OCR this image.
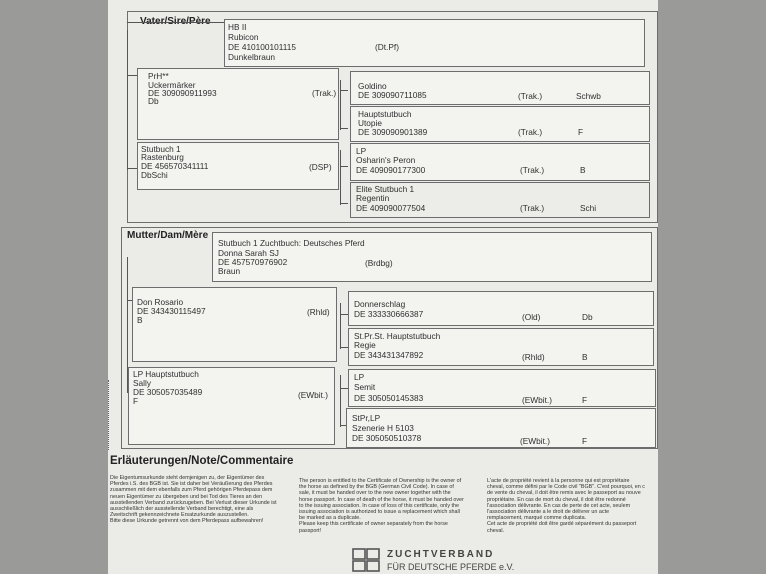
HB II
Rubicon
DE 410100101115
Dunkelbraun
(Dt.Pf)
PrH**
Uckermärker
DE 309090911993
Db
(Trak.)
Goldino
DE 309090711085	(Trak.)	Schwb
Hauptstutbuch
Utopie
DE 309090901389	(Trak.)	F
Stutbuch 1
Rastenburg
DE 456570341111
DbSchi
(DSP)
LP
Osharin's Peron
DE 409090177300	(Trak.)	B
Elite Stutbuch 1
Regentin
DE 409090077504	(Trak.)	Schi
Mutter/Dam/Mère
Stutbuch 1 Zuchtbuch: Deutsches Pferd
Donna Sarah SJ
DE 457570976902
Braun
(Brdbg)
Don Rosario
DE 343430115497
B
(Rhld)
Donnerschlag
DE 333330666387	(Old)	Db
St.Pr.St. Hauptstutbuch
Regie
DE 343431347892	(Rhld)	B
LP Hauptstutbuch
Sally
DE 305057035489
F
(EWbit.)
LP
Semit
DE 305050145383	(EWbit.)	F
StPr,LP
Szenerie H 5103
DE 305050510378	(EWbit.)	F
Erläuterungen/Note/Commentaire
Die Eigentumsurkunde steht demjenigen zu, der Eigentümer des
Pferdes i.S. des BGB ist. Sie ist daher bei Veräußerung des Pferdes
zusammen mit dem ebenfalls zum Pferd gehörigen Pferdepass dem
neuen Eigentümer zu übergeben und bei Tod des Tieres an den
ausstellenden Verband zurückzugeben. Bei Verlust dieser Urkunde ist
ausschließlich der ausstellende Verband berechtigt, eine als
Zweitschrift gekennzeichnete Ersatzurkunde auszustellen.
Bitte diese Urkunde getrennt von dem Pferdepass aufbewahren!
The person is entitled to the Certificate of Ownership is the owner of
the horse as defined by the BGB (German Civil Code). In case of
sale, it must be handed over to the new owner together with the
horse passport. In case of death of the horse, it must be handed over
to the issuing association. In case of loss of this certificate, only the
issuing association is authorized to issue a replacement which shall
be marked as a duplicate.
Please keep this certificate of owner separately from the horse
passport!
L'acte de propriété revient à la personne qui est propriétaire
cheval, comme défini par le Code civil "BGB". C'est pourquoi, en c
de vente du cheval, il doit être remis avec le passeport au nouve
propriétaire. En cas de mort du cheval, il doit être redonné
l'association délivrante. En cas de perte de cet acte, seulem
l'association délivrante a le droit de délivrer un acte
remplacement, marqué comme duplicata.
Cet acte de propriété doit être gardé séparément du passeport
cheval.
ZUCHTVERBAND
FÜR DEUTSCHE PFERDE e.V.
